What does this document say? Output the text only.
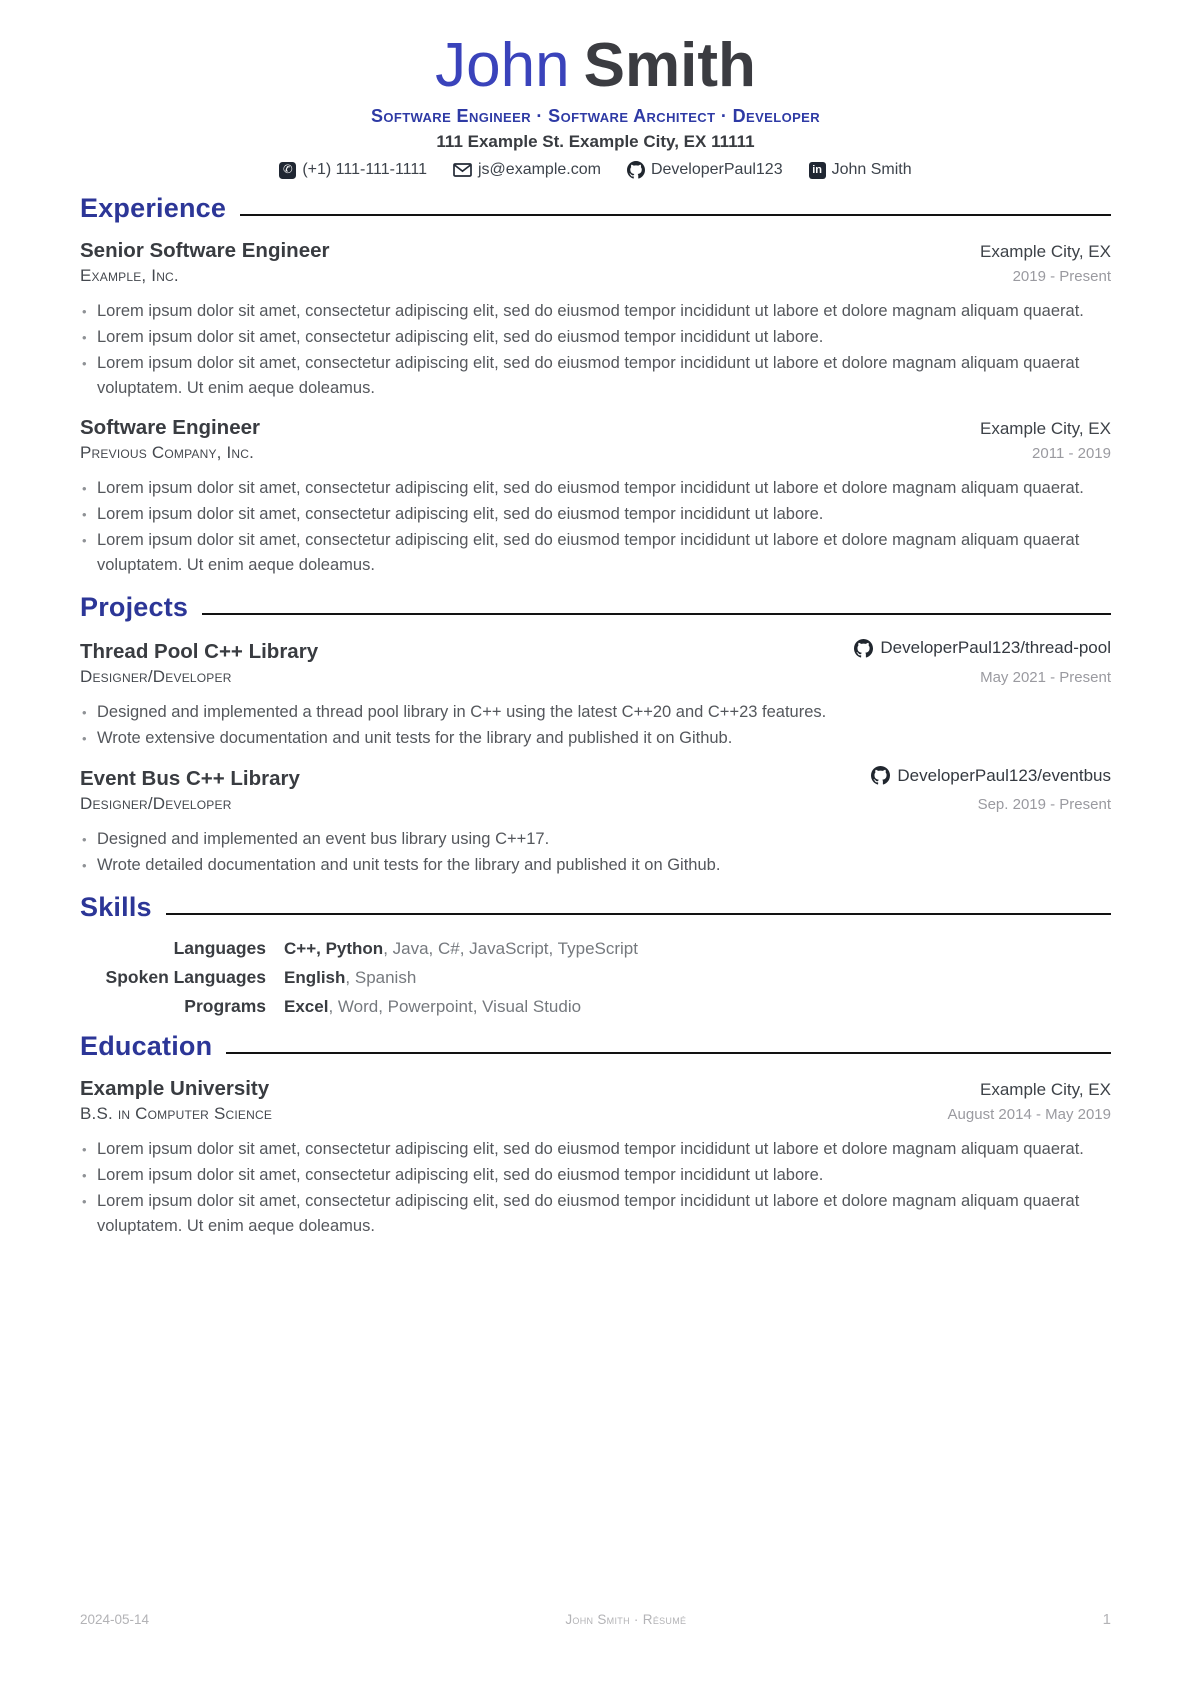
John Smith
Software Engineer · Software Architect · Developer
111 Example St. Example City, EX 11111
✆ (+1) 111-111-1111	js@example.com	DeveloperPaul123	in John Smith
Experience
Senior Software Engineer	Example City, EX
Example, Inc.	2019 - Present
• Lorem ipsum dolor sit amet, consectetur adipiscing elit, sed do eiusmod tempor incididunt ut labore et dolore magnam aliquam quaerat.
• Lorem ipsum dolor sit amet, consectetur adipiscing elit, sed do eiusmod tempor incididunt ut labore.
• Lorem ipsum dolor sit amet, consectetur adipiscing elit, sed do eiusmod tempor incididunt ut labore et dolore magnam aliquam quaerat voluptatem. Ut enim aeque doleamus.
Software Engineer	Example City, EX
Previous Company, Inc.	2011 - 2019
• Lorem ipsum dolor sit amet, consectetur adipiscing elit, sed do eiusmod tempor incididunt ut labore et dolore magnam aliquam quaerat.
• Lorem ipsum dolor sit amet, consectetur adipiscing elit, sed do eiusmod tempor incididunt ut labore.
• Lorem ipsum dolor sit amet, consectetur adipiscing elit, sed do eiusmod tempor incididunt ut labore et dolore magnam aliquam quaerat voluptatem. Ut enim aeque doleamus.
Projects
Thread Pool C++ Library	DeveloperPaul123/thread-pool
Designer/Developer	May 2021 - Present
• Designed and implemented a thread pool library in C++ using the latest C++20 and C++23 features.
• Wrote extensive documentation and unit tests for the library and published it on Github.
Event Bus C++ Library	DeveloperPaul123/eventbus
Designer/Developer	Sep. 2019 - Present
• Designed and implemented an event bus library using C++17.
• Wrote detailed documentation and unit tests for the library and published it on Github.
Skills
Languages C++, Python, Java, C#, JavaScript, TypeScript
Spoken Languages English, Spanish
Programs Excel, Word, Powerpoint, Visual Studio
Education
Example University	Example City, EX
B.S. in Computer Science	August 2014 - May 2019
• Lorem ipsum dolor sit amet, consectetur adipiscing elit, sed do eiusmod tempor incididunt ut labore et dolore magnam aliquam quaerat.
• Lorem ipsum dolor sit amet, consectetur adipiscing elit, sed do eiusmod tempor incididunt ut labore.
• Lorem ipsum dolor sit amet, consectetur adipiscing elit, sed do eiusmod tempor incididunt ut labore et dolore magnam aliquam quaerat voluptatem. Ut enim aeque doleamus.
2024-05-14	John Smith · Résumé	1
